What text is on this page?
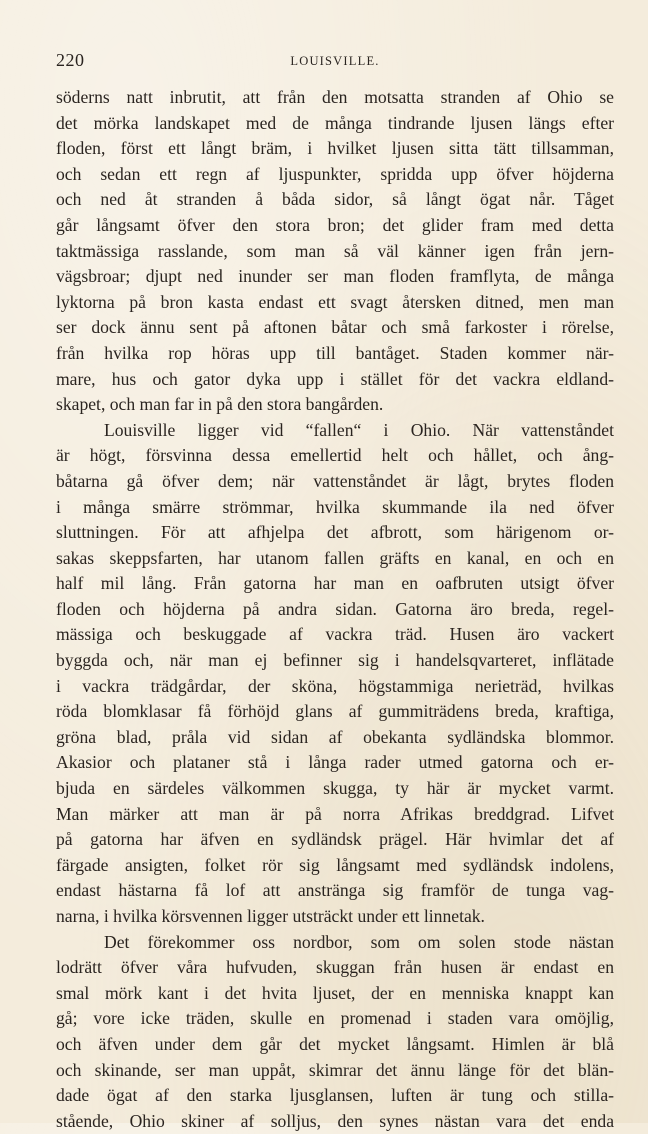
220	LOUISVILLE.
söderns natt inbrutit, att från den motsatta stranden af Ohio se
det mörka landskapet med de många tindrande ljusen längs efter
floden, först ett långt bräm, i hvilket ljusen sitta tätt tillsamman,
och sedan ett regn af ljuspunkter, spridda upp öfver höjderna
och ned åt stranden å båda sidor, så långt ögat når. Tåget
går långsamt öfver den stora bron; det glider fram med detta
taktmässiga rasslande, som man så väl känner igen från jern-
vägsbroar; djupt ned inunder ser man floden framflyta, de många
lyktorna på bron kasta endast ett svagt återsken ditned, men man
ser dock ännu sent på aftonen båtar och små farkoster i rörelse,
från hvilka rop höras upp till bantåget. Staden kommer när-
mare, hus och gator dyka upp i stället för det vackra eldland-
skapet, och man far in på den stora bangården.
Louisville ligger vid “fallen“ i Ohio. När vattenståndet
är högt, försvinna dessa emellertid helt och hållet, och ång-
båtarna gå öfver dem; när vattenståndet är lågt, brytes floden
i många smärre strömmar, hvilka skummande ila ned öfver
sluttningen. För att afhjelpa det afbrott, som härigenom or-
sakas skeppsfarten, har utanom fallen gräfts en kanal, en och en
half mil lång. Från gatorna har man en oafbruten utsigt öfver
floden och höjderna på andra sidan. Gatorna äro breda, regel-
mässiga och beskuggade af vackra träd. Husen äro vackert
byggda och, när man ej befinner sig i handelsqvarteret, inflätade
i vackra trädgårdar, der sköna, högstammiga nerieträd, hvilkas
röda blomklasar få förhöjd glans af gummiträdens breda, kraftiga,
gröna blad, pråla vid sidan af obekanta sydländska blommor.
Akasior och plataner stå i långa rader utmed gatorna och er-
bjuda en särdeles välkommen skugga, ty här är mycket varmt.
Man märker att man är på norra Afrikas breddgrad. Lifvet
på gatorna har äfven en sydländsk prägel. Här hvimlar det af
färgade ansigten, folket rör sig långsamt med sydländsk indolens,
endast hästarna få lof att anstränga sig framför de tunga vag-
narna, i hvilka körsvennen ligger utsträckt under ett linnetak.
Det förekommer oss nordbor, som om solen stode nästan
lodrätt öfver våra hufvuden, skuggan från husen är endast en
smal mörk kant i det hvita ljuset, der en menniska knappt kan
gå; vore icke träden, skulle en promenad i staden vara omöjlig,
och äfven under dem går det mycket långsamt. Himlen är blå
och skinande, ser man uppåt, skimrar det ännu länge för det blän-
dade ögat af den starka ljusglansen, luften är tung och stilla-
stående, Ohio skiner af solljus, den synes nästan vara det enda
